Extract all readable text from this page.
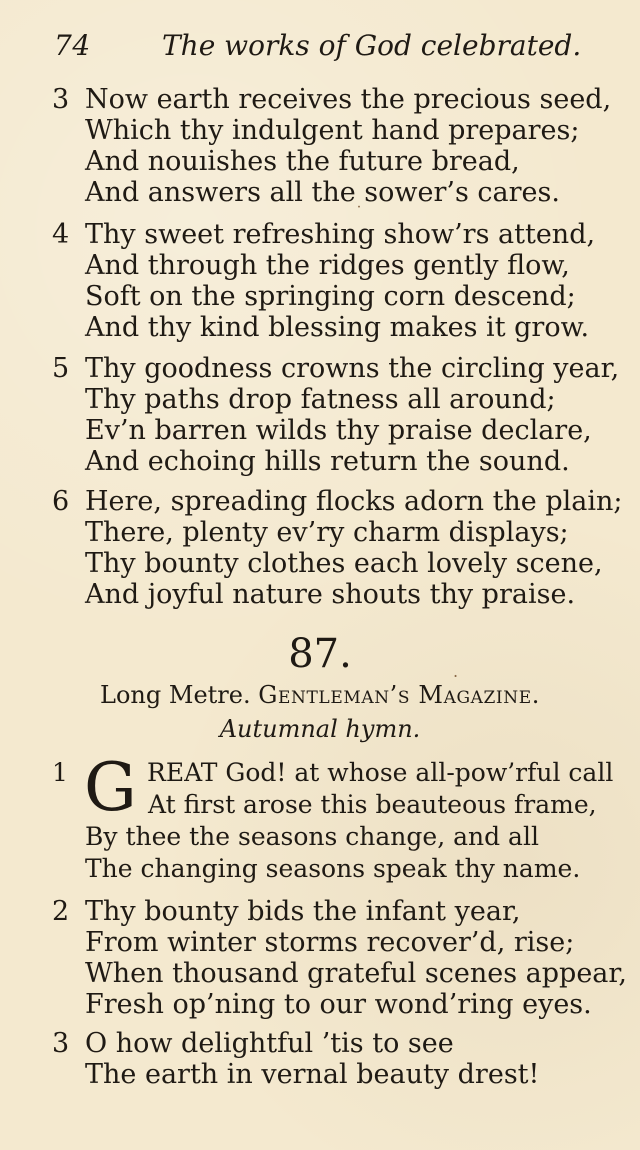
74	The works of God celebrated.
3 Now earth receives the precious seed,
Which thy indulgent hand prepares;
And nouıishes the future bread,
And answers all the sower’s cares.
˙
4 Thy sweet refreshing show’rs attend,
And through the ridges gently flow,
Soft on the springing corn descend;
And thy kind blessing makes it grow.
5 Thy goodness crowns the circling year,
Thy paths drop fatness all around;
Ev’n barren wilds thy praise declare,
And echoing hills return the sound.
6 Here, spreading flocks adorn the plain;
There, plenty ev’ry charm displays;
Thy bounty clothes each lovely scene,
And joyful nature shouts thy praise.
87.	.
Long Metre. Gentleman’s Magazine.
Autumnal hymn.
1 G REAT God! at whose all-pow’rful call
At first arose this beauteous frame,
By thee the seasons change, and all
The changing seasons speak thy name.
2 Thy bounty bids the infant year,
From winter storms recover’d, rise;
When thousand grateful scenes appear,
Fresh op’ning to our wond’ring eyes.
3 O how delightful ’tis to see
The earth in vernal beauty drest!
